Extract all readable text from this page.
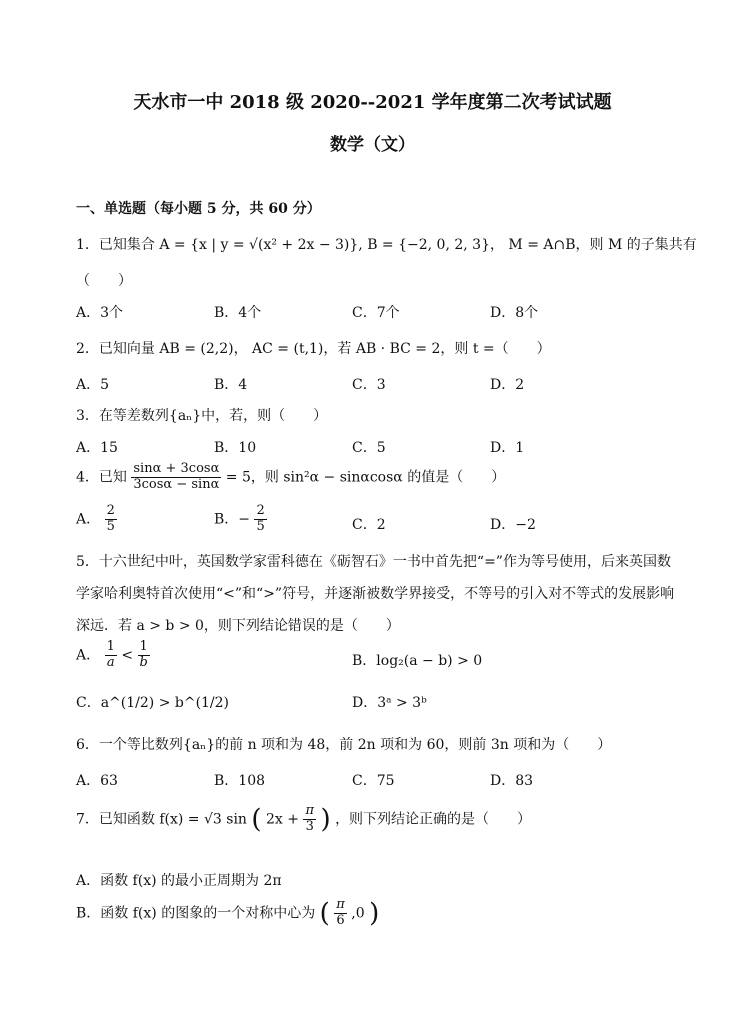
天水市一中 2018 级 2020--2021 学年度第二次考试试题
数学（文）
一、单选题（每小题 5 分，共 60 分）
1．已知集合 A = {x | y = √(x² + 2x − 3)}, B = {−2, 0, 2, 3}， M = A∩B，则 M 的子集共有
（　　）
A．3个	B．4个	C．7个	D．8个
2．已知向量 AB = (2,2)， AC = (t,1)，若 AB · BC = 2，则 t =（　　）
A．5	B．4	C．3	D．2
3．在等差数列{aₙ}中，若，则（　　）
A．15	B．10	C．5	D．1
4．已知 $\frac{\sin\alpha + 3\cos\alpha}{3\cos\alpha - \sin\alpha} = 5$，则 sin²α − sinαcosα 的值是（　　）
A． $\frac{2}{5}$	B．− $\frac{2}{5}$	C．2	D．−2
5．十六世纪中叶，英国数学家雷科德在《砺智石》一书中首先把“=”作为等号使用，后来英国数
学家哈利奥特首次使用“<”和“>”符号，并逐渐被数学界接受，不等号的引入对不等式的发展影响
深远．若 a > b > 0，则下列结论错误的是（　　）
A． $\frac{1}{a} < \frac{1}{b}$	B．log₂(a − b) > 0
C．a^(1/2) > b^(1/2)	D．3ᵃ > 3ᵇ
6．一个等比数列{aₙ}的前 n 项和为 48，前 2n 项和为 60，则前 3n 项和为（　　）
A．63	B．108	C．75	D．83
7．已知函数 f(x) = √3 sin ( $2x + \frac{\pi}{3}$ ) ，则下列结论正确的是（　　）
A．函数 f(x) 的最小正周期为 2π
B．函数 f(x) 的图象的一个对称中心为 ( $\frac{\pi}{6} ,0$ )
